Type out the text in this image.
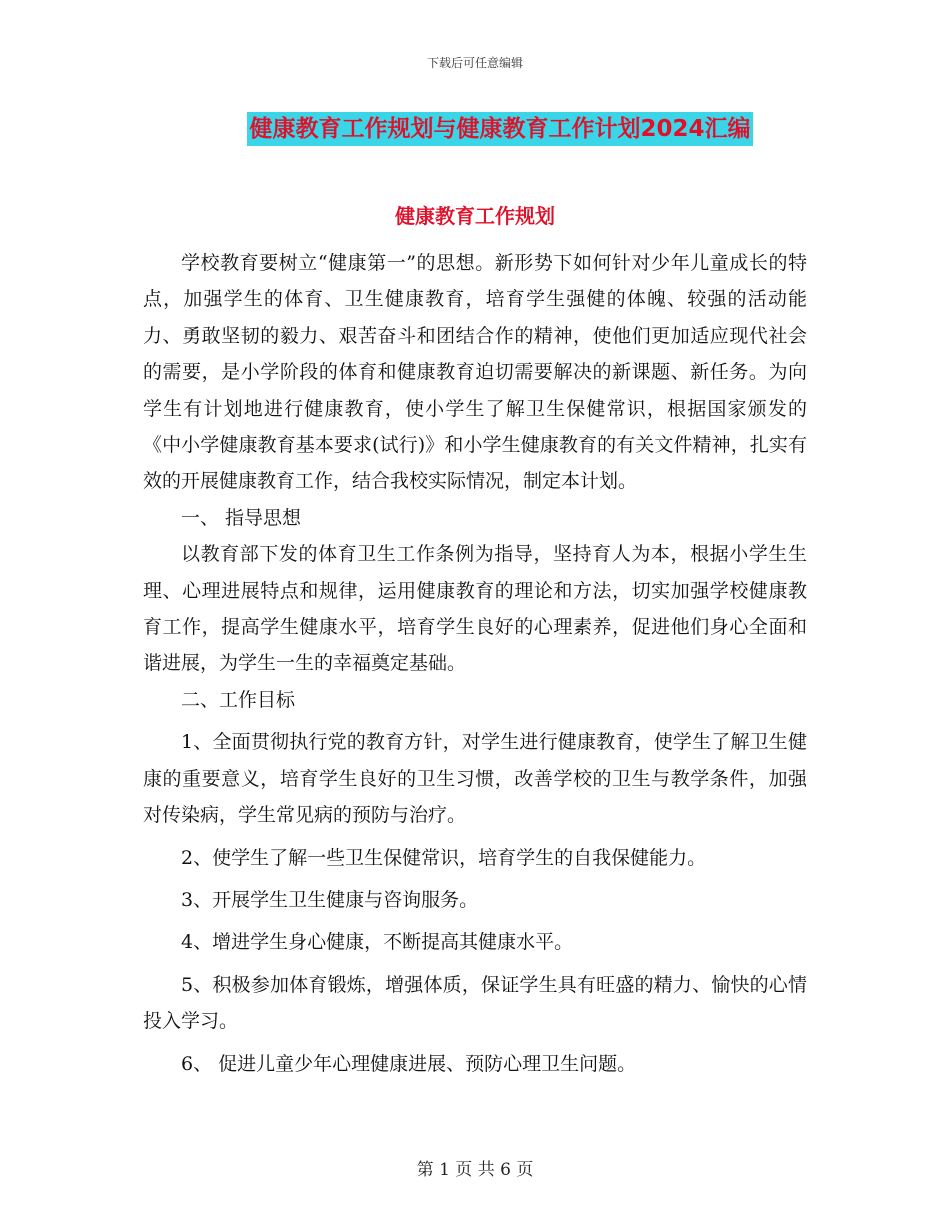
下载后可任意编辑
健康教育工作规划与健康教育工作计划2024汇编
健康教育工作规划

学校教育要树立“健康第一”的思想。新形势下如何针对少年儿童成长的特点，加强学生的体育、卫生健康教育，培育学生强健的体魄、较强的活动能力、勇敢坚韧的毅力、艰苦奋斗和团结合作的精神，使他们更加适应现代社会的需要，是小学阶段的体育和健康教育迫切需要解决的新课题、新任务。为向学生有计划地进行健康教育，使小学生了解卫生保健常识，根据国家颁发的《中小学健康教育基本要求(试行)》和小学生健康教育的有关文件精神，扎实有效的开展健康教育工作，结合我校实际情况，制定本计划。

一、 指导思想

以教育部下发的体育卫生工作条例为指导，坚持育人为本，根据小学生生理、心理进展特点和规律，运用健康教育的理论和方法，切实加强学校健康教育工作，提高学生健康水平，培育学生良好的心理素养，促进他们身心全面和谐进展，为学生一生的幸福奠定基础。

二、工作目标

1、全面贯彻执行党的教育方针，对学生进行健康教育，使学生了解卫生健康的重要意义，培育学生良好的卫生习惯，改善学校的卫生与教学条件，加强对传染病，学生常见病的预防与治疗。

2、使学生了解一些卫生保健常识，培育学生的自我保健能力。

3、开展学生卫生健康与咨询服务。

4、增进学生身心健康，不断提高其健康水平。

5、积极参加体育锻炼，增强体质，保证学生具有旺盛的精力、愉快的心情投入学习。

6、 促进儿童少年心理健康进展、预防心理卫生问题。

第 1 页 共 6 页
